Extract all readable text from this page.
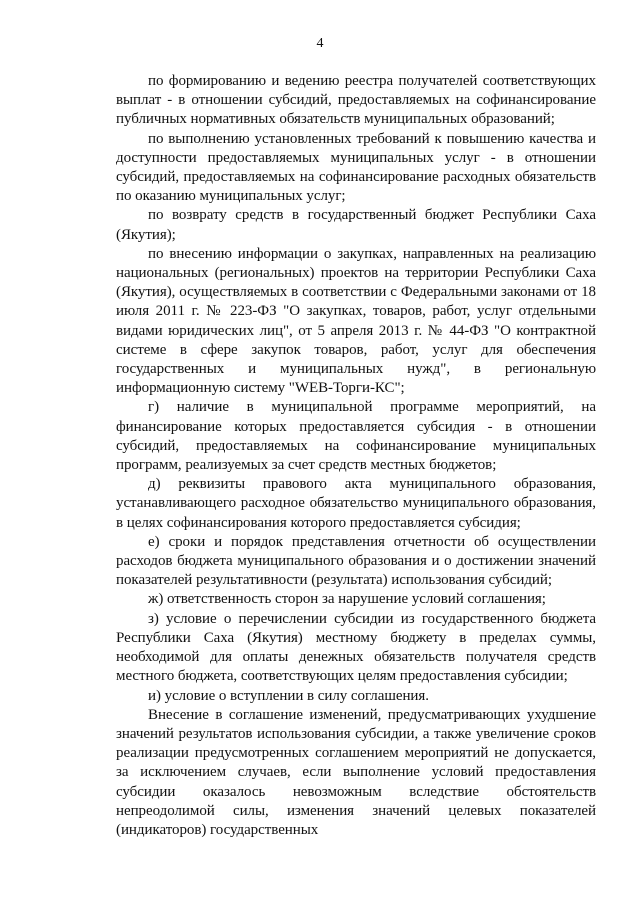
4

по формированию и ведению реестра получателей соответствующих выплат - в отношении субсидий, предоставляемых на софинансирование публичных нормативных обязательств муниципальных образований;

по выполнению установленных требований к повышению качества и доступности предоставляемых муниципальных услуг - в отношении субсидий, предоставляемых на софинансирование расходных обязательств по оказанию муниципальных услуг;

по возврату средств в государственный бюджет Республики Саха (Якутия);

по внесению информации о закупках, направленных на реализацию национальных (региональных) проектов на территории Республики Саха (Якутия), осуществляемых в соответствии с Федеральными законами от 18 июля 2011 г. № 223-ФЗ "О закупках, товаров, работ, услуг отдельными видами юридических лиц", от 5 апреля 2013 г. № 44-ФЗ "О контрактной системе в сфере закупок товаров, работ, услуг для обеспечения государственных и муниципальных нужд", в региональную информационную систему "WEB-Торги-КС";

г) наличие в муниципальной программе мероприятий, на финансирование которых предоставляется субсидия - в отношении субсидий, предоставляемых на софинансирование муниципальных программ, реализуемых за счет средств местных бюджетов;

д) реквизиты правового акта муниципального образования, устанавливающего расходное обязательство муниципального образования, в целях софинансирования которого предоставляется субсидия;

е) сроки и порядок представления отчетности об осуществлении расходов бюджета муниципального образования и о достижении значений показателей результативности (результата) использования субсидий;

ж) ответственность сторон за нарушение условий соглашения;

з) условие о перечислении субсидии из государственного бюджета Республики Саха (Якутия) местному бюджету в пределах суммы, необходимой для оплаты денежных обязательств получателя средств местного бюджета, соответствующих целям предоставления субсидии;

и) условие о вступлении в силу соглашения.

Внесение в соглашение изменений, предусматривающих ухудшение значений результатов использования субсидии, а также увеличение сроков реализации предусмотренных соглашением мероприятий не допускается, за исключением случаев, если выполнение условий предоставления субсидии оказалось невозможным вследствие обстоятельств непреодолимой силы, изменения значений целевых показателей (индикаторов) государственных
